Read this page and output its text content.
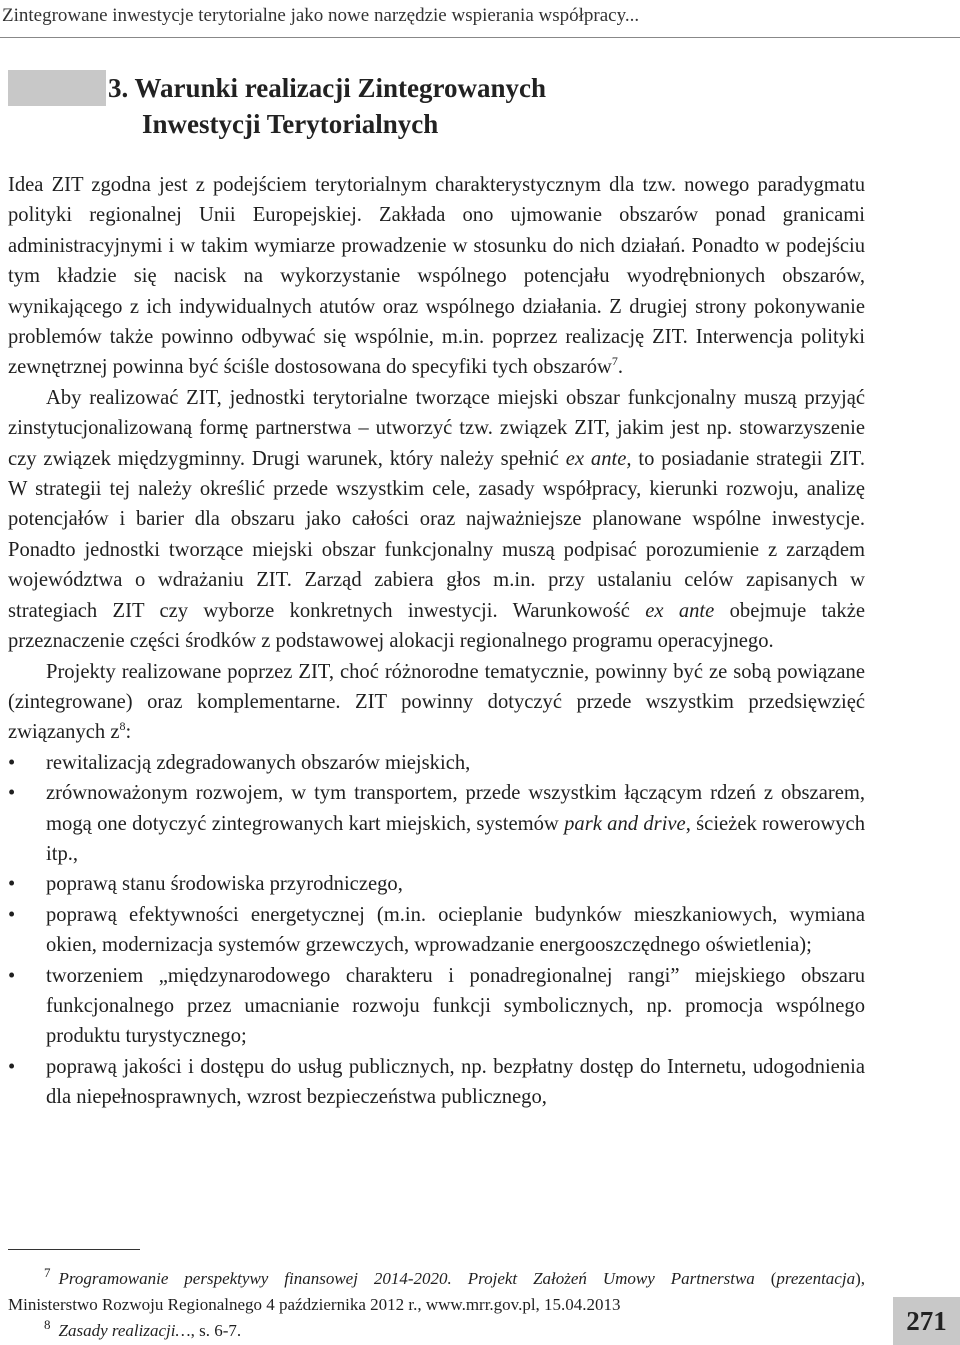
Zintegrowane inwestycje terytorialne jako nowe narzędzie wspierania współpracy...
3. Warunki realizacji Zintegrowanych
Inwestycji Terytorialnych

Idea ZIT zgodna jest z podejściem terytorialnym charakterystycznym dla tzw. nowego paradygmatu polityki regionalnej Unii Europejskiej. Zakłada ono ujmowanie obszarów ponad granicami administracyjnymi i w takim wymiarze prowadzenie w stosunku do nich działań. Ponadto w podejściu tym kładzie się nacisk na wykorzystanie wspólnego potencjału wyodrębnionych obszarów, wynikającego z ich indywidualnych atutów oraz wspólnego działania. Z drugiej strony pokonywanie problemów także powinno odbywać się wspólnie, m.in. poprzez realizację ZIT. Interwencja polityki zewnętrznej powinna być ściśle dostosowana do specyfiki tych obszarów$^7$.

Aby realizować ZIT, jednostki terytorialne tworzące miejski obszar funkcjonalny muszą przyjąć zinstytucjonalizowaną formę partnerstwa – utworzyć tzw. związek ZIT, jakim jest np. stowarzyszenie czy związek międzygminny. Drugi warunek, który należy spełnić ex ante, to posiadanie strategii ZIT. W strategii tej należy określić przede wszystkim cele, zasady współpracy, kierunki rozwoju, analizę potencjałów i barier dla obszaru jako całości oraz najważniejsze planowane wspólne inwestycje. Ponadto jednostki tworzące miejski obszar funkcjonalny muszą podpisać porozumienie z zarządem województwa o wdrażaniu ZIT. Zarząd zabiera głos m.in. przy ustalaniu celów zapisanych w strategiach ZIT czy wyborze konkretnych inwestycji. Warunkowość ex ante obejmuje także przeznaczenie części środków z podstawowej alokacji regionalnego programu operacyjnego.

Projekty realizowane poprzez ZIT, choć różnorodne tematycznie, powinny być ze sobą powiązane (zintegrowane) oraz komplementarne. ZIT powinny dotyczyć przede wszystkim przedsięwzięć związanych z$^8$:

• rewitalizacją zdegradowanych obszarów miejskich,
• zrównoważonym rozwojem, w tym transportem, przede wszystkim łączącym rdzeń z obszarem, mogą one dotyczyć zintegrowanych kart miejskich, systemów park and drive, ścieżek rowerowych itp.,
• poprawą stanu środowiska przyrodniczego,
• poprawą efektywności energetycznej (m.in. ocieplanie budynków mieszkaniowych, wymiana okien, modernizacja systemów grzewczych, wprowadzanie energooszczędnego oświetlenia);
• tworzeniem „międzynarodowego charakteru i ponadregionalnej rangi” miejskiego obszaru funkcjonalnego przez umacnianie rozwoju funkcji symbolicznych, np. promocja wspólnego produktu turystycznego;
• poprawą jakości i dostępu do usług publicznych, np. bezpłatny dostęp do Internetu, udogodnienia dla niepełnosprawnych, wzrost bezpieczeństwa publicznego,

$^7$ Programowanie perspektywy finansowej 2014-2020. Projekt Założeń Umowy Partnerstwa (prezentacja), Ministerstwo Rozwoju Regionalnego 4 października 2012 r., www.mrr.gov.pl, 15.04.2013

$^8$ Zasady realizacji…, s. 6-7.	271
